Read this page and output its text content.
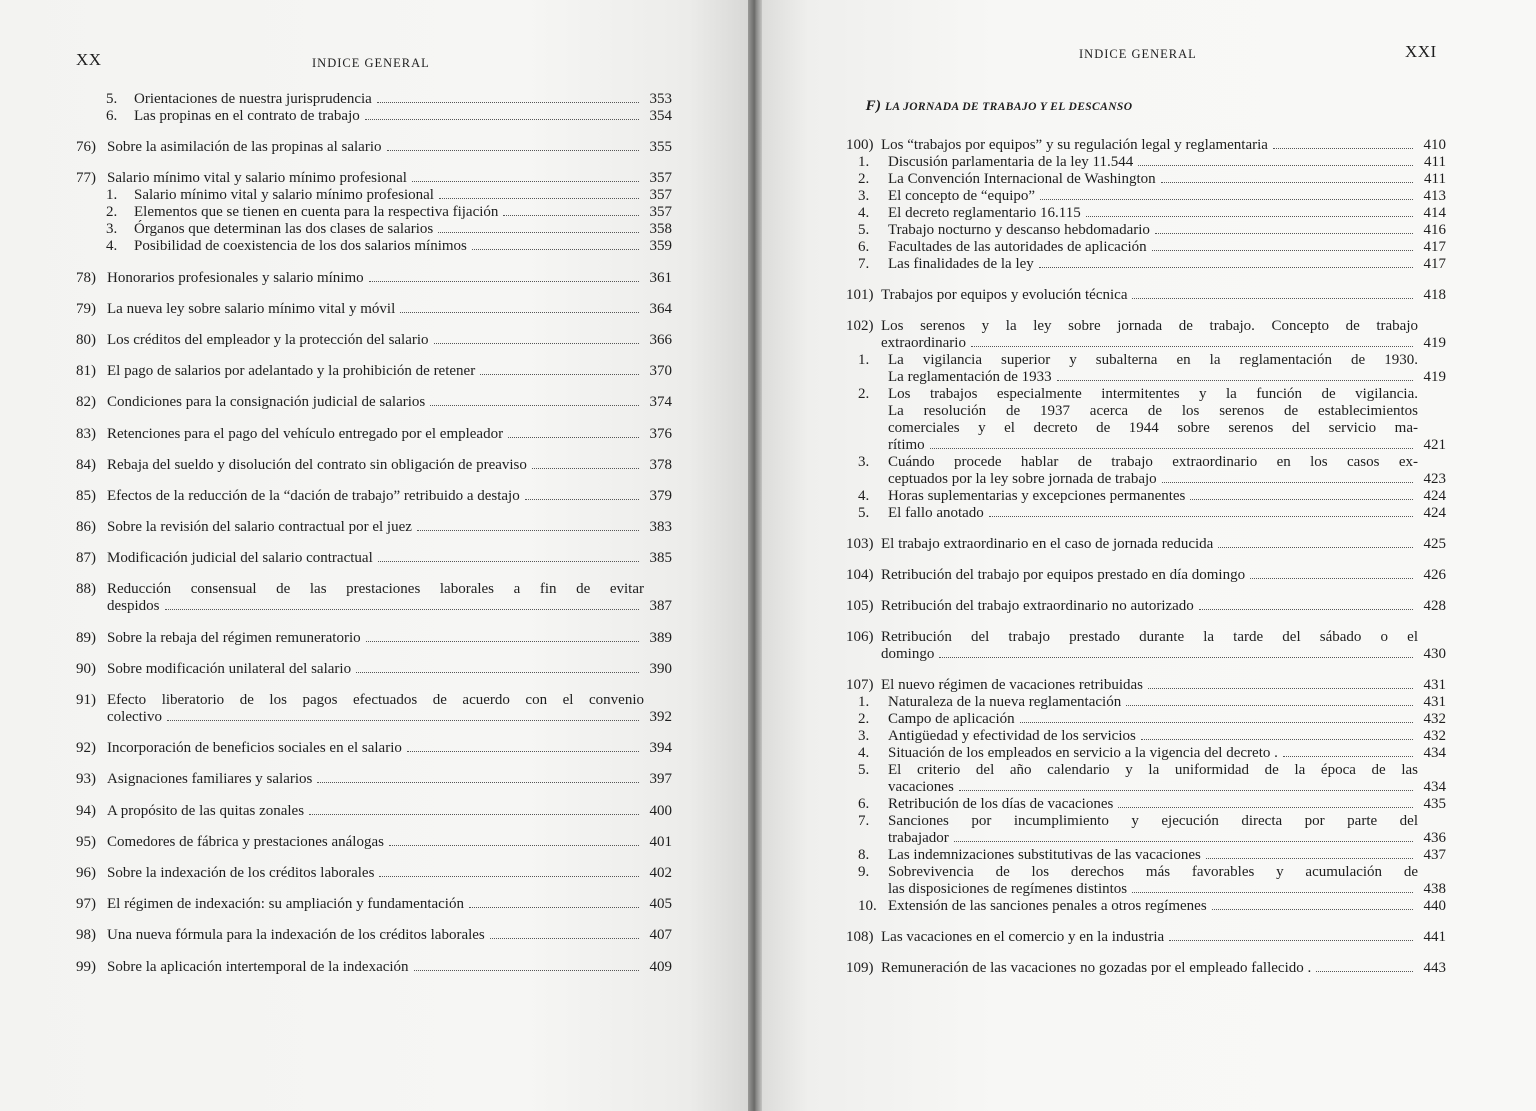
XX	INDICE GENERAL
5.	Orientaciones de nuestra jurisprudencia	353
6.	Las propinas en el contrato de trabajo	354
76) Sobre la asimilación de las propinas al salario	355
77) Salario mínimo vital y salario mínimo profesional	357
1.	Salario mínimo vital y salario mínimo profesional	357
2.	Elementos que se tienen en cuenta para la respectiva fijación	357
3.	Órganos que determinan las dos clases de salarios	358
4.	Posibilidad de coexistencia de los dos salarios mínimos	359
78) Honorarios profesionales y salario mínimo	361
79) La nueva ley sobre salario mínimo vital y móvil	364
80) Los créditos del empleador y la protección del salario	366
81) El pago de salarios por adelantado y la prohibición de retener	370
82) Condiciones para la consignación judicial de salarios	374
83) Retenciones para el pago del vehículo entregado por el empleador	376
84) Rebaja del sueldo y disolución del contrato sin obligación de preaviso	378
85) Efectos de la reducción de la “dación de trabajo” retribuido a destajo	379
86) Sobre la revisión del salario contractual por el juez	383
87) Modificación judicial del salario contractual	385
88) Reducción consensual de las prestaciones laborales a fin de evitar
despidos	387
89) Sobre la rebaja del régimen remuneratorio	389
90) Sobre modificación unilateral del salario	390
91) Efecto liberatorio de los pagos efectuados de acuerdo con el convenio
colectivo	392
92) Incorporación de beneficios sociales en el salario	394
93) Asignaciones familiares y salarios	397
94) A propósito de las quitas zonales	400
95) Comedores de fábrica y prestaciones análogas	401
96) Sobre la indexación de los créditos laborales	402
97) El régimen de indexación: su ampliación y fundamentación	405
98) Una nueva fórmula para la indexación de los créditos laborales	407
99) Sobre la aplicación intertemporal de la indexación	409
INDICE GENERAL	XXI
F) LA JORNADA DE TRABAJO Y EL DESCANSO
100) Los “trabajos por equipos” y su regulación legal y reglamentaria	410
1.	Discusión parlamentaria de la ley 11.544	411
2.	La Convención Internacional de Washington	411
3.	El concepto de “equipo”	413
4.	El decreto reglamentario 16.115	414
5.	Trabajo nocturno y descanso hebdomadario	416
6.	Facultades de las autoridades de aplicación	417
7.	Las finalidades de la ley	417
101) Trabajos por equipos y evolución técnica	418
102) Los serenos y la ley sobre jornada de trabajo. Concepto de trabajo
extraordinario	419
1.	La vigilancia superior y subalterna en la reglamentación de 1930.
La reglamentación de 1933	419
2.	Los trabajos especialmente intermitentes y la función de vigilancia.
La resolución de 1937 acerca de los serenos de establecimientos
comerciales y el decreto de 1944 sobre serenos del servicio ma-
rítimo	421
3.	Cuándo procede hablar de trabajo extraordinario en los casos ex-
ceptuados por la ley sobre jornada de trabajo	423
4.	Horas suplementarias y excepciones permanentes	424
5.	El fallo anotado	424
103) El trabajo extraordinario en el caso de jornada reducida	425
104) Retribución del trabajo por equipos prestado en día domingo	426
105) Retribución del trabajo extraordinario no autorizado	428
106) Retribución del trabajo prestado durante la tarde del sábado o el
domingo	430
107) El nuevo régimen de vacaciones retribuidas	431
1.	Naturaleza de la nueva reglamentación	431
2.	Campo de aplicación	432
3.	Antigüedad y efectividad de los servicios	432
4.	Situación de los empleados en servicio a la vigencia del decreto .	434
5.	El criterio del año calendario y la uniformidad de la época de las
vacaciones	434
6.	Retribución de los días de vacaciones	435
7.	Sanciones por incumplimiento y ejecución directa por parte del
trabajador	436
8.	Las indemnizaciones substitutivas de las vacaciones	437
9.	Sobrevivencia de los derechos más favorables y acumulación de
las disposiciones de regímenes distintos	438
10. Extensión de las sanciones penales a otros regímenes	440
108) Las vacaciones en el comercio y en la industria	441
109) Remuneración de las vacaciones no gozadas por el empleado fallecido .	443
